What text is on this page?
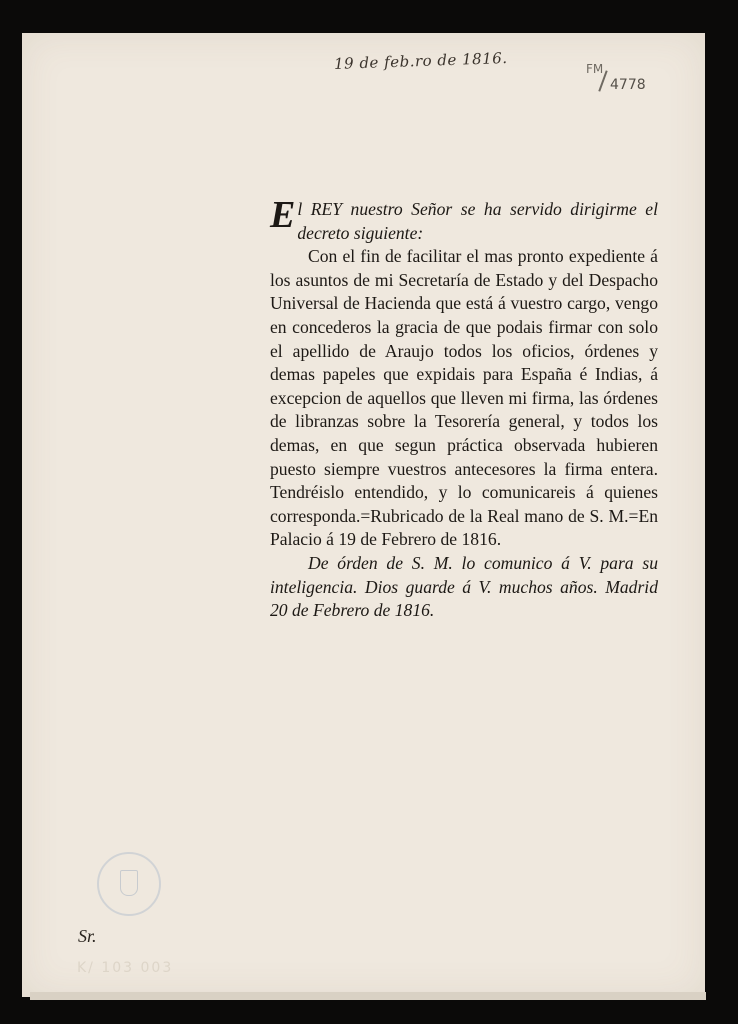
19 de feb.ro de 1816.	FM
4778

El REY nuestro Señor se ha servido dirigirme el decreto siguiente:

Con el fin de facilitar el mas pronto expediente á los asuntos de mi Secretaría de Estado y del Despacho Universal de Hacienda que está á vuestro cargo, vengo en concederos la gracia de que podais firmar con solo el apellido de Araujo todos los oficios, órdenes y demas papeles que expidais para España é Indias, á excepcion de aquellos que lleven mi firma, las órdenes de libranzas sobre la Tesorería general, y todos los demas, en que segun práctica observada hubieren puesto siempre vuestros antecesores la firma entera. Tendréislo entendido, y lo comunicareis á quienes corresponda.=Rubricado de la Real mano de S. M.=En Palacio á 19 de Febrero de 1816.

De órden de S. M. lo comunico á V. para su inteligencia. Dios guarde á V. muchos años. Madrid 20 de Febrero de 1816.

Sr.
K/ 103 003
